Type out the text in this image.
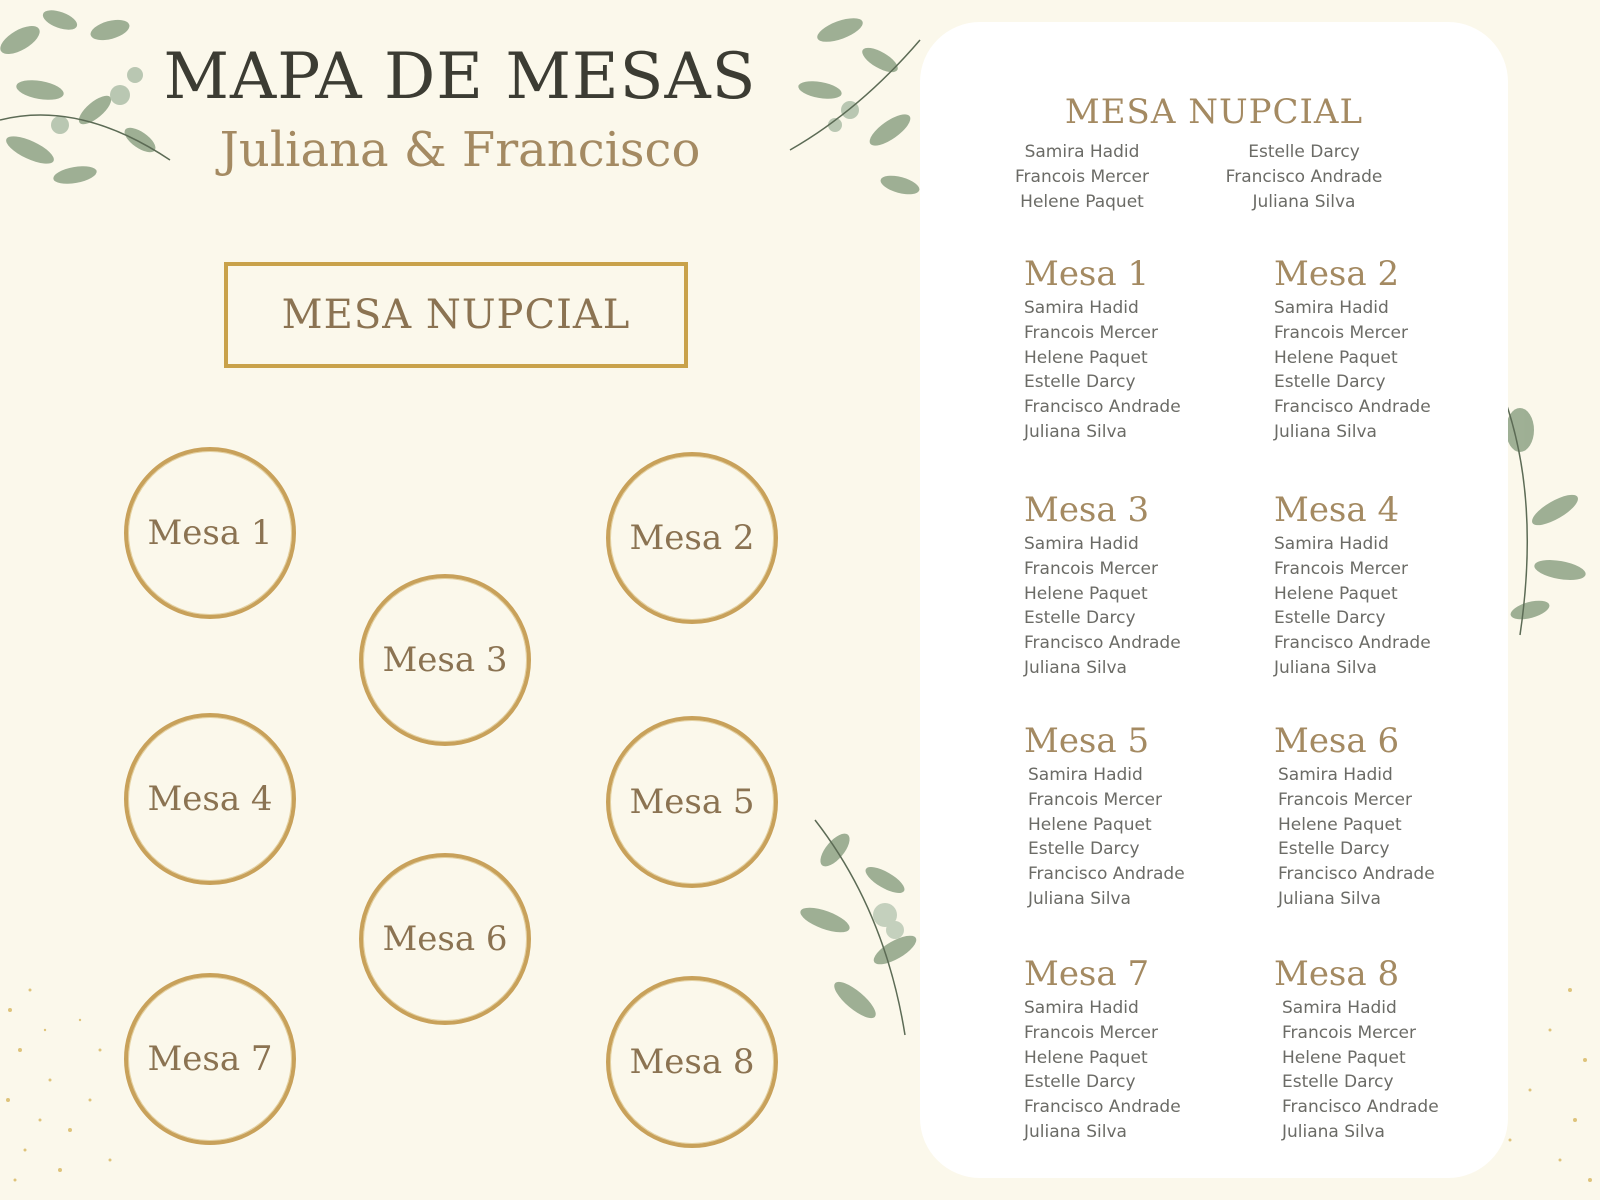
MAPA DE MESAS
Juliana & Francisco
MESA NUPCIAL
Mesa 1	Mesa 2
Mesa 3
Mesa 4	Mesa 5
Mesa 6
Mesa 7	Mesa 8
MESA NUPCIAL
Samira Hadid
Francois Mercer
Helene Paquet
Estelle Darcy
Francisco Andrade
Juliana Silva
Mesa 1
Samira Hadid
Francois Mercer
Helene Paquet
Estelle Darcy
Francisco Andrade
Juliana Silva
Mesa 2
Samira Hadid
Francois Mercer
Helene Paquet
Estelle Darcy
Francisco Andrade
Juliana Silva
Mesa 3
Samira Hadid
Francois Mercer
Helene Paquet
Estelle Darcy
Francisco Andrade
Juliana Silva
Mesa 4
Samira Hadid
Francois Mercer
Helene Paquet
Estelle Darcy
Francisco Andrade
Juliana Silva
Mesa 5
Samira Hadid
Francois Mercer
Helene Paquet
Estelle Darcy
Francisco Andrade
Juliana Silva
Mesa 6
Samira Hadid
Francois Mercer
Helene Paquet
Estelle Darcy
Francisco Andrade
Juliana Silva
Mesa 7
Samira Hadid
Francois Mercer
Helene Paquet
Estelle Darcy
Francisco Andrade
Juliana Silva
Mesa 8
Samira Hadid
Francois Mercer
Helene Paquet
Estelle Darcy
Francisco Andrade
Juliana Silva
